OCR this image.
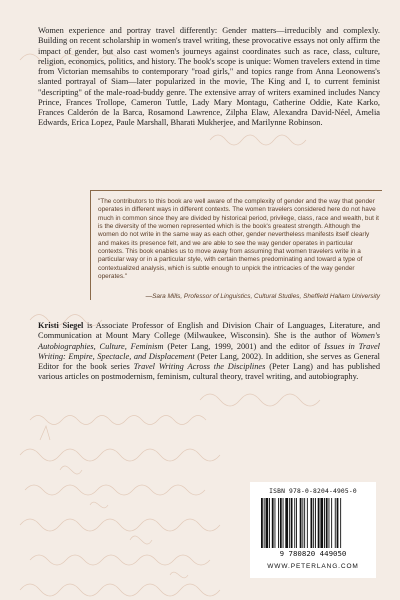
Women experience and portray travel differently: Gender matters—irreducibly and complexly. Building on recent scholarship in women's travel writing, these provocative essays not only affirm the impact of gender, but also cast women's journeys against coordinates such as race, class, culture, religion, economics, politics, and history. The book's scope is unique: Women travelers extend in time from Victorian memsahibs to contemporary "road girls," and topics range from Anna Leonowens's slanted portrayal of Siam—later popularized in the movie, The King and I, to current feminist "descripting" of the male-road-buddy genre. The extensive array of writers examined includes Nancy Prince, Frances Trollope, Cameron Tuttle, Lady Mary Montagu, Catherine Oddie, Kate Karko, Frances Calderón de la Barca, Rosamond Lawrence, Zilpha Elaw, Alexandra David-Néel, Amelia Edwards, Erica Lopez, Paule Marshall, Bharati Mukherjee, and Marilynne Robinson.
"The contributors to this book are well aware of the complexity of gender and the way that gender operates in different ways in different contexts. The women travelers considered here do not have much in common since they are divided by historical period, privilege, class, race and wealth, but it is the diversity of the women represented which is the book's greatest strength. Although the women do not write in the same way as each other, gender nevertheless manifests itself clearly and makes its presence felt, and we are able to see the way gender operates in particular contexts. This book enables us to move away from assuming that women travelers write in a particular way or in a particular style, with certain themes predominating and toward a type of contextualized analysis, which is subtle enough to unpick the intricacies of the way gender operates."
—Sara Mills, Professor of Linguistics, Cultural Studies, Sheffield Hallam University
Kristi Siegel is Associate Professor of English and Division Chair of Languages, Literature, and Communication at Mount Mary College (Milwaukee, Wisconsin). She is the author of Women's Autobiographies, Culture, Feminism (Peter Lang, 1999, 2001) and the editor of Issues in Travel Writing: Empire, Spectacle, and Displacement (Peter Lang, 2002). In addition, she serves as General Editor for the book series Travel Writing Across the Disciplines (Peter Lang) and has published various articles on postmodernism, feminism, cultural theory, travel writing, and autobiography.
ISBN 978-0-8204-4905-0
9 780820 449050
WWW.PETERLANG.COM
